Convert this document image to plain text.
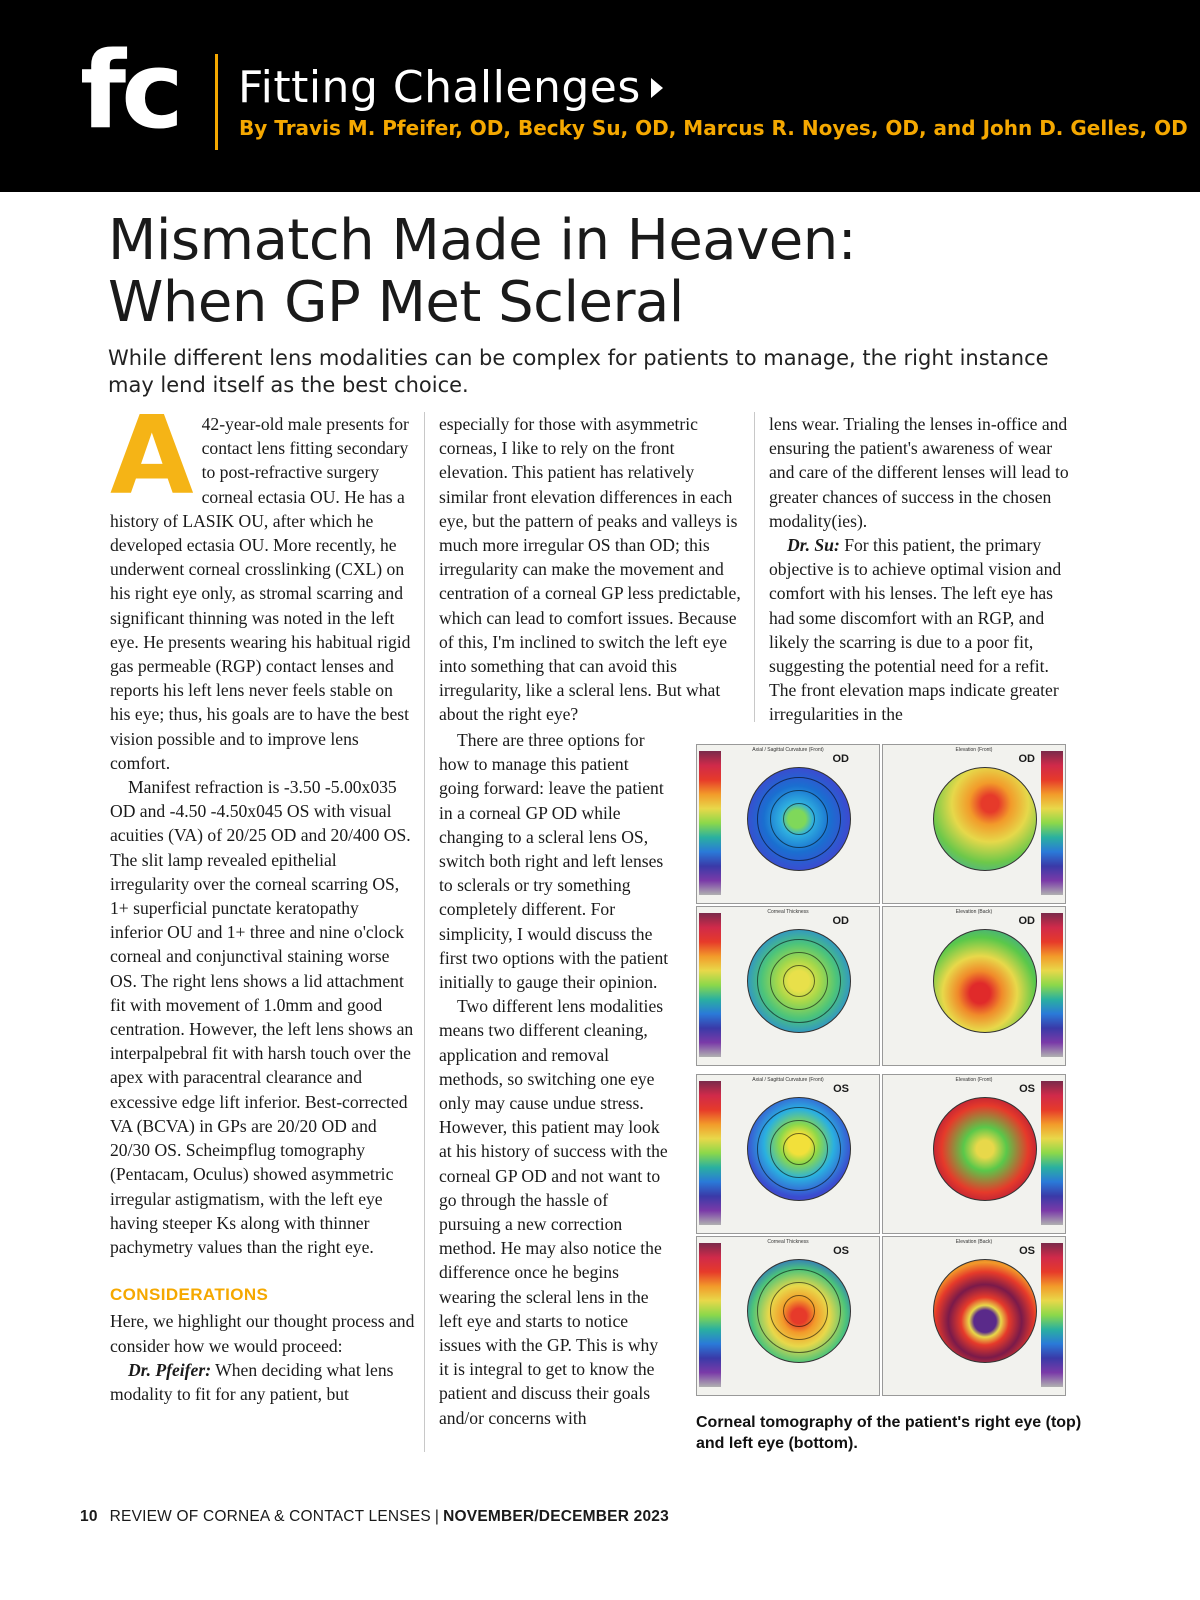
fc Fitting Challenges
By Travis M. Pfeifer, OD, Becky Su, OD, Marcus R. Noyes, OD, and John D. Gelles, OD
Mismatch Made in Heaven:
When GP Met Scleral

While different lens modalities can be complex for patients to manage, the right instance may lend itself as the best choice.

A 42-year-old male presents for contact lens fitting secondary to post-refractive surgery corneal ectasia OU. He has a history of LASIK OU, after which he developed ectasia OU. More recently, he underwent corneal crosslinking (CXL) on his right eye only, as stromal scarring and significant thinning was noted in the left eye. He presents wearing his habitual rigid gas permeable (RGP) contact lenses and reports his left lens never feels stable on his eye; thus, his goals are to have the best vision possible and to improve lens comfort.

Manifest refraction is -3.50 -5.00x035 OD and -4.50 -4.50x045 OS with visual acuities (VA) of 20/25 OD and 20/400 OS. The slit lamp revealed epithelial irregularity over the corneal scarring OS, 1+ superficial punctate keratopathy inferior OU and 1+ three and nine o'clock corneal and conjunctival staining worse OS. The right lens shows a lid attachment fit with movement of 1.0mm and good centration. However, the left lens shows an interpalpebral fit with harsh touch over the apex with paracentral clearance and excessive edge lift inferior. Best-corrected VA (BCVA) in GPs are 20/20 OD and 20/30 OS. Scheimpflug tomography (Pentacam, Oculus) showed asymmetric irregular astigmatism, with the left eye having steeper Ks along with thinner pachymetry values than the right eye.

CONSIDERATIONS

Here, we highlight our thought process and consider how we would proceed:

Dr. Pfeifer: When deciding what lens modality to fit for any patient, but

especially for those with asymmetric corneas, I like to rely on the front elevation. This patient has relatively similar front elevation differences in each eye, but the pattern of peaks and valleys is much more irregular OS than OD; this irregularity can make the movement and centration of a corneal GP less predictable, which can lead to comfort issues. Because of this, I'm inclined to switch the left eye into something that can avoid this irregularity, like a scleral lens. But what about the right eye?

There are three options for how to manage this patient going forward: leave the patient in a corneal GP OD while changing to a scleral lens OS, switch both right and left lenses to sclerals or try something completely different. For simplicity, I would discuss the first two options with the patient initially to gauge their opinion.

Two different lens modalities means two different cleaning, application and removal methods, so switching one eye only may cause undue stress. However, this patient may look at his history of success with the corneal GP OD and not want to go through the hassle of pursuing a new correction method. He may also notice the difference once he begins wearing the scleral lens in the left eye and starts to notice issues with the GP. This is why it is integral to get to know the patient and discuss their goals and/or concerns with

lens wear. Trialing the lenses in-office and ensuring the patient's awareness of wear and care of the different lenses will lead to greater chances of success in the chosen modality(ies).

Dr. Su: For this patient, the primary objective is to achieve optimal vision and comfort with his lenses. The left eye has had some discomfort with an RGP, and likely the scarring is due to a poor fit, suggesting the potential need for a refit. The front elevation maps indicate greater irregularities in the

Axial / Sagittal Curvature (Front)
OD
Elevation (Front)
OD
Corneal Thickness
OD
Elevation (Back)
OD
Axial / Sagittal Curvature (Front)
OS
Elevation (Front)
OS
Corneal Thickness
OS
Elevation (Back)
OS

Corneal tomography of the patient's right eye (top) and left eye (bottom).

10 REVIEW OF CORNEA & CONTACT LENSES | NOVEMBER/DECEMBER 2023
